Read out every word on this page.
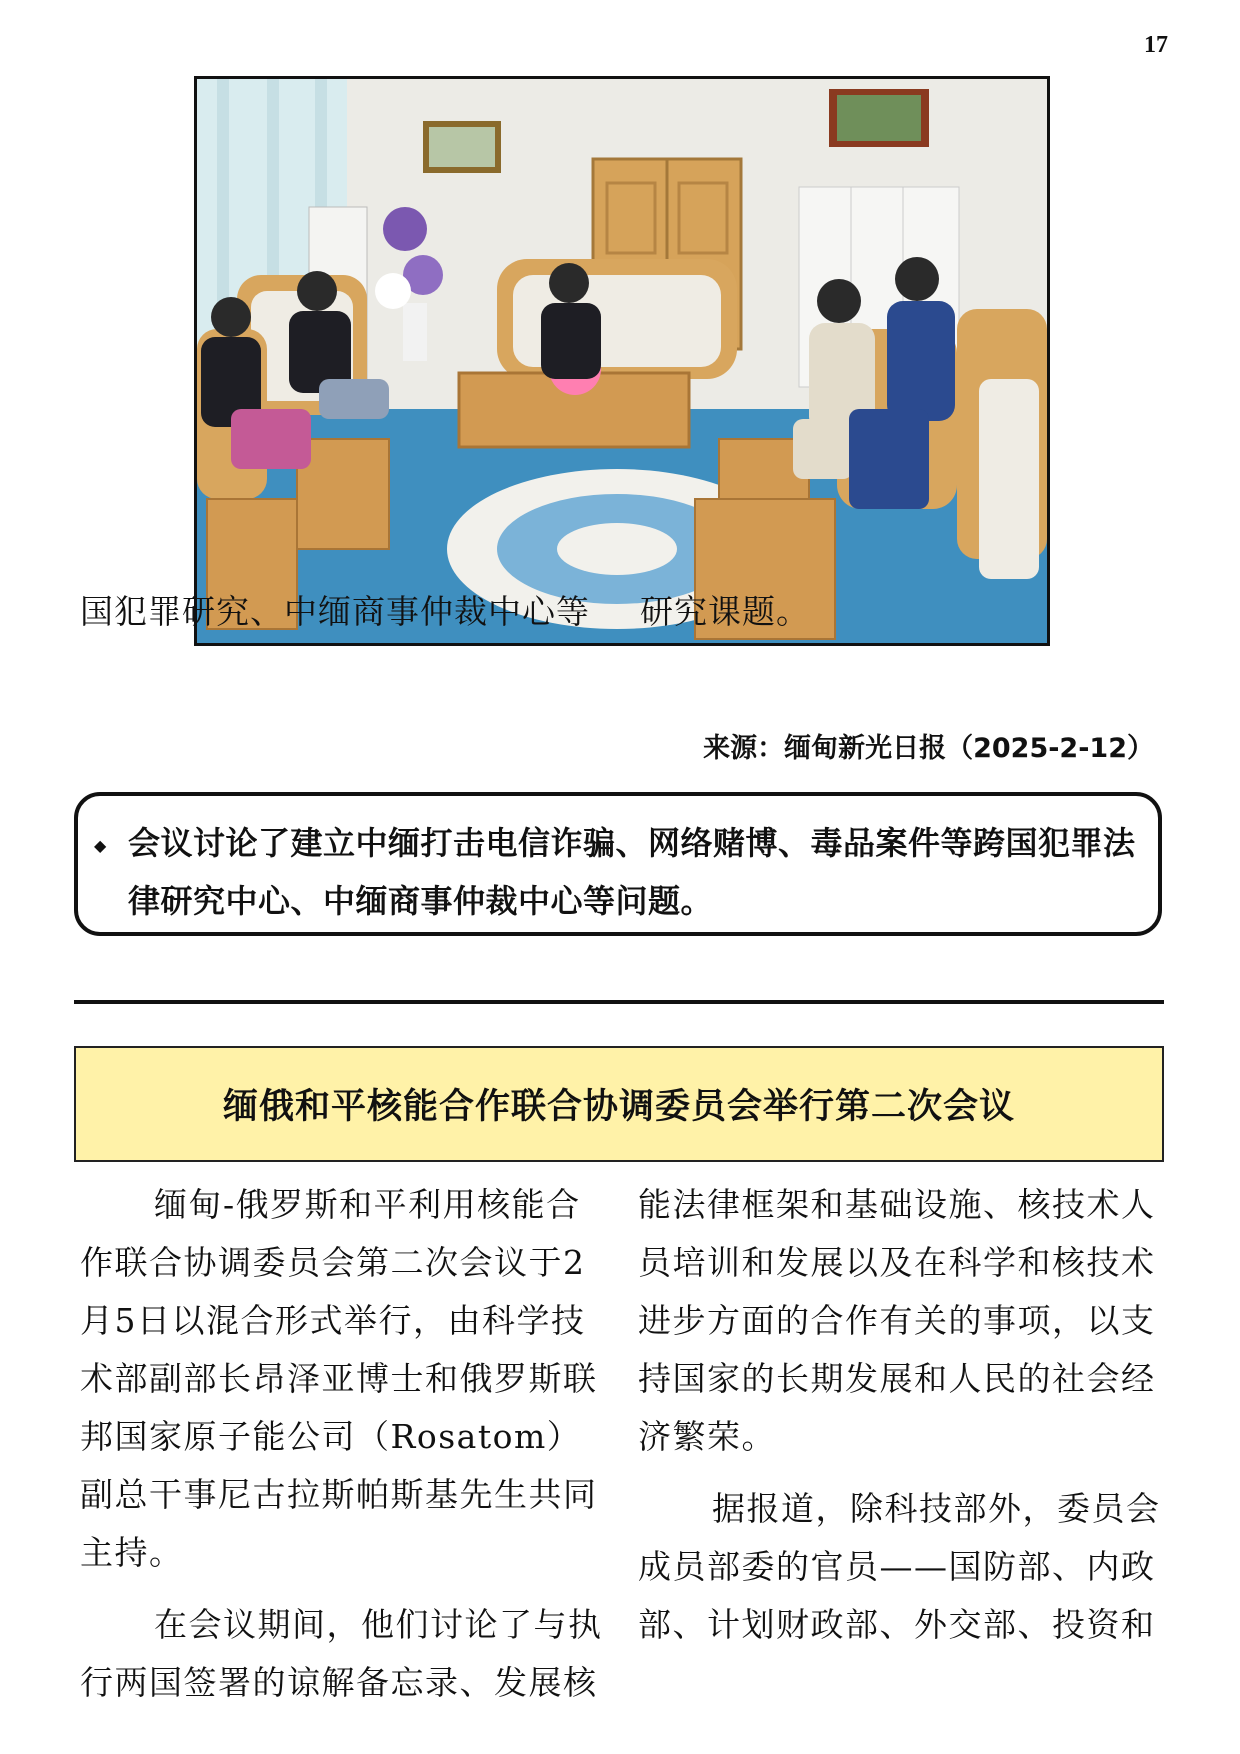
17
国犯罪研究、中缅商事仲裁中心等 研究课题。
来源：缅甸新光日报（2025-2-12）
◆ 会议讨论了建立中缅打击电信诈骗、网络赌博、毒品案件等跨国犯罪法律研究中心、中缅商事仲裁中心等问题。
缅俄和平核能合作联合协调委员会举行第二次会议

缅甸-俄罗斯和平利用核能合作联合协调委员会第二次会议于2月5日以混合形式举行，由科学技术部副部长昂泽亚博士和俄罗斯联邦国家原子能公司（Rosatom）副总干事尼古拉斯帕斯基先生共同主持。

在会议期间，他们讨论了与执行两国签署的谅解备忘录、发展核

能法律框架和基础设施、核技术人员培训和发展以及在科学和核技术进步方面的合作有关的事项，以支持国家的长期发展和人民的社会经济繁荣。

据报道，除科技部外，委员会成员部委的官员——国防部、内政部、计划财政部、外交部、投资和
